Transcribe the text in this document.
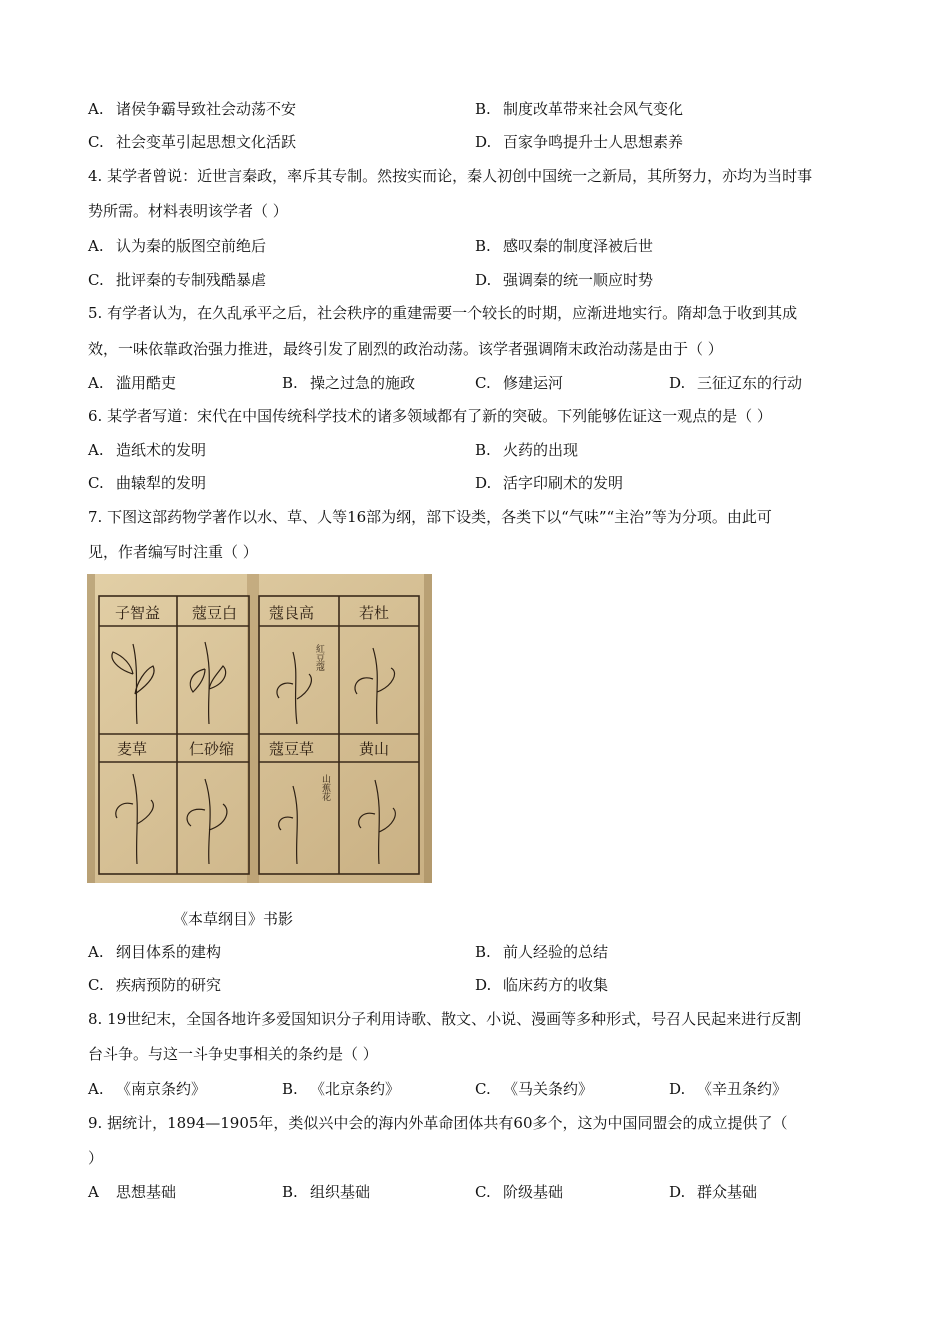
A. 诸侯争霸导致社会动荡不安	B. 制度改革带来社会风气变化
C. 社会变革引起思想文化活跃	D. 百家争鸣提升士人思想素养
4. 某学者曾说：近世言秦政，率斥其专制。然按实而论，秦人初创中国统一之新局，其所努力，亦均为当时事
势所需。材料表明该学者（ ）
A. 认为秦的版图空前绝后	B. 感叹秦的制度泽被后世
C. 批评秦的专制残酷暴虐	D. 强调秦的统一顺应时势
5. 有学者认为，在久乱承平之后，社会秩序的重建需要一个较长的时期，应渐进地实行。隋却急于收到其成
效，一味依靠政治强力推进，最终引发了剧烈的政治动荡。该学者强调隋末政治动荡是由于（ ）
A. 滥用酷吏	B. 操之过急的施政	C. 修建运河	D. 三征辽东的行动
6. 某学者写道：宋代在中国传统科学技术的诸多领域都有了新的突破。下列能够佐证这一观点的是（ ）
A. 造纸术的发明	B. 火药的出现
C. 曲辕犁的发明	D. 活字印刷术的发明
7. 下图这部药物学著作以水、草、人等16部为纲，部下设类，各类下以“气味”“主治”等为分项。由此可
见，作者编写时注重（ ）
子智益 蔻豆白 蔻良高	若杜
麦草	仁砂缩 蔻豆草	黄山
紅豆蔻
山蕉花
《本草纲目》书影
A. 纲目体系的建构	B. 前人经验的总结
C. 疾病预防的研究	D. 临床药方的收集
8. 19世纪末，全国各地许多爱国知识分子利用诗歌、散文、小说、漫画等多种形式，号召人民起来进行反割
台斗争。与这一斗争史事相关的条约是（ ）
A. 《南京条约》	B. 《北京条约》	C. 《马关条约》	D. 《辛丑条约》
9. 据统计，1894—1905年，类似兴中会的海内外革命团体共有60多个，这为中国同盟会的成立提供了（
）
A 思想基础	B. 组织基础	C. 阶级基础	D. 群众基础
